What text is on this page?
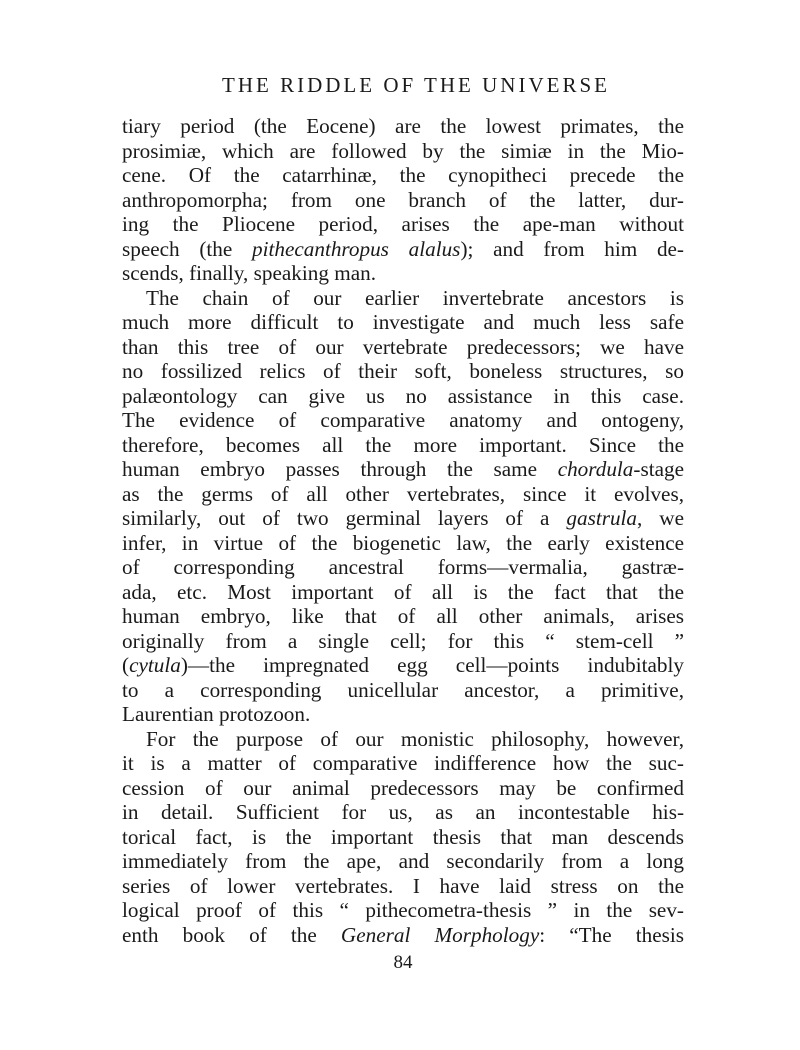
THE RIDDLE OF THE UNIVERSE
tiary period (the Eocene) are the lowest primates, the
prosimiæ, which are followed by the simiæ in the Mio-
cene. Of the catarrhinæ, the cynopitheci precede the
anthropomorpha; from one branch of the latter, dur-
ing the Pliocene period, arises the ape-man without
speech (the pithecanthropus alalus); and from him de-
scends, finally, speaking man.
The chain of our earlier invertebrate ancestors is
much more difficult to investigate and much less safe
than this tree of our vertebrate predecessors; we have
no fossilized relics of their soft, boneless structures, so
palæontology can give us no assistance in this case.
The evidence of comparative anatomy and ontogeny,
therefore, becomes all the more important. Since the
human embryo passes through the same chordula-stage
as the germs of all other vertebrates, since it evolves,
similarly, out of two germinal layers of a gastrula, we
infer, in virtue of the biogenetic law, the early existence
of corresponding ancestral forms—vermalia, gastræ-
ada, etc. Most important of all is the fact that the
human embryo, like that of all other animals, arises
originally from a single cell; for this “ stem-cell ”
(cytula)—the impregnated egg cell—points indubitably
to a corresponding unicellular ancestor, a primitive,
Laurentian protozoon.
For the purpose of our monistic philosophy, however,
it is a matter of comparative indifference how the suc-
cession of our animal predecessors may be confirmed
in detail. Sufficient for us, as an incontestable his-
torical fact, is the important thesis that man descends
immediately from the ape, and secondarily from a long
series of lower vertebrates. I have laid stress on the
logical proof of this “ pithecometra-thesis ” in the sev-
enth book of the General Morphology: “The thesis
84
